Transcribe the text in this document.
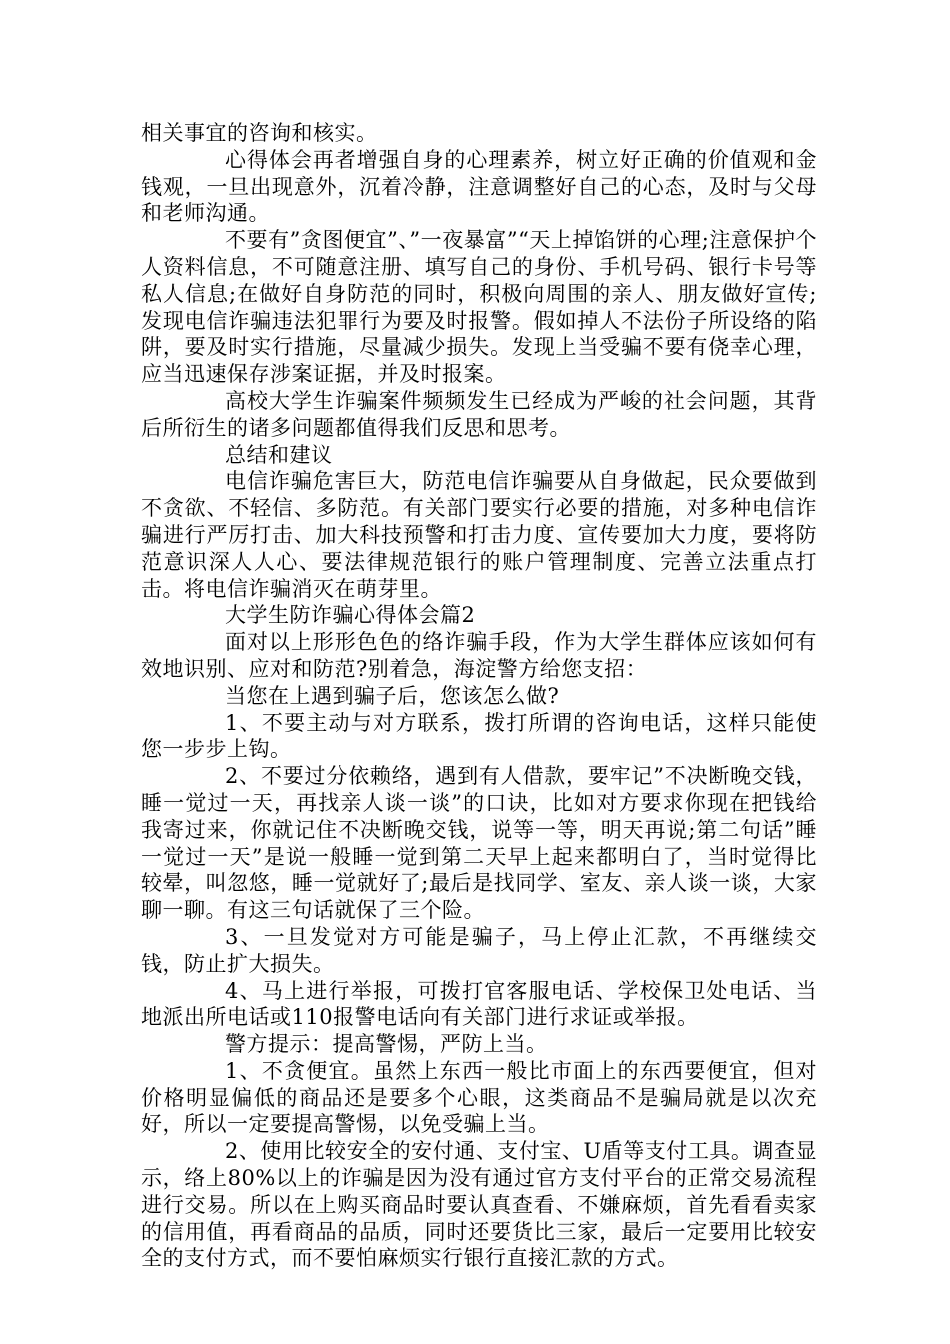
相关事宜的咨询和核实。

心得体会再者增强自身的心理素养，树立好正确的价值观和金钱观，一旦出现意外，沉着冷静，注意调整好自己的心态，及时与父母和老师沟通。

不要有”贪图便宜”、”一夜暴富”“天上掉馅饼的心理;注意保护个人资料信息，不可随意注册、填写自己的身份、手机号码、银行卡号等私人信息;在做好自身防范的同时，积极向周围的亲人、朋友做好宣传;发现电信诈骗违法犯罪行为要及时报警。假如掉人不法份子所设络的陷阱，要及时实行措施，尽量减少损失。发现上当受骗不要有侥幸心理，应当迅速保存涉案证据，并及时报案。

高校大学生诈骗案件频频发生已经成为严峻的社会问题，其背后所衍生的诸多问题都值得我们反思和思考。

总结和建议

电信诈骗危害巨大，防范电信诈骗要从自身做起，民众要做到不贪欲、不轻信、多防范。有关部门要实行必要的措施，对多种电信诈骗进行严厉打击、加大科技预警和打击力度、宣传要加大力度，要将防范意识深人人心、要法律规范银行的账户管理制度、完善立法重点打击。将电信诈骗消灭在萌芽里。

大学生防诈骗心得体会篇2

面对以上形形色色的络诈骗手段，作为大学生群体应该如何有效地识别、应对和防范?别着急，海淀警方给您支招：

当您在上遇到骗子后，您该怎么做?

1、不要主动与对方联系，拨打所谓的咨询电话，这样只能使您一步步上钩。

2、不要过分依赖络，遇到有人借款，要牢记”不决断晚交钱，睡一觉过一天，再找亲人谈一谈”的口诀，比如对方要求你现在把钱给我寄过来，你就记住不决断晚交钱，说等一等，明天再说;第二句话”睡一觉过一天”是说一般睡一觉到第二天早上起来都明白了，当时觉得比较晕，叫忽悠，睡一觉就好了;最后是找同学、室友、亲人谈一谈，大家聊一聊。有这三句话就保了三个险。

3、一旦发觉对方可能是骗子，马上停止汇款，不再继续交钱，防止扩大损失。

4、马上进行举报，可拨打官客服电话、学校保卫处电话、当地派出所电话或110报警电话向有关部门进行求证或举报。

警方提示：提高警惕，严防上当。

1、不贪便宜。虽然上东西一般比市面上的东西要便宜，但对价格明显偏低的商品还是要多个心眼，这类商品不是骗局就是以次充好，所以一定要提高警惕，以免受骗上当。

2、使用比较安全的安付通、支付宝、U盾等支付工具。调查显示，络上80%以上的诈骗是因为没有通过官方支付平台的正常交易流程进行交易。所以在上购买商品时要认真查看、不嫌麻烦，首先看看卖家的信用值，再看商品的品质，同时还要货比三家，最后一定要用比较安全的支付方式，而不要怕麻烦实行银行直接汇款的方式。
